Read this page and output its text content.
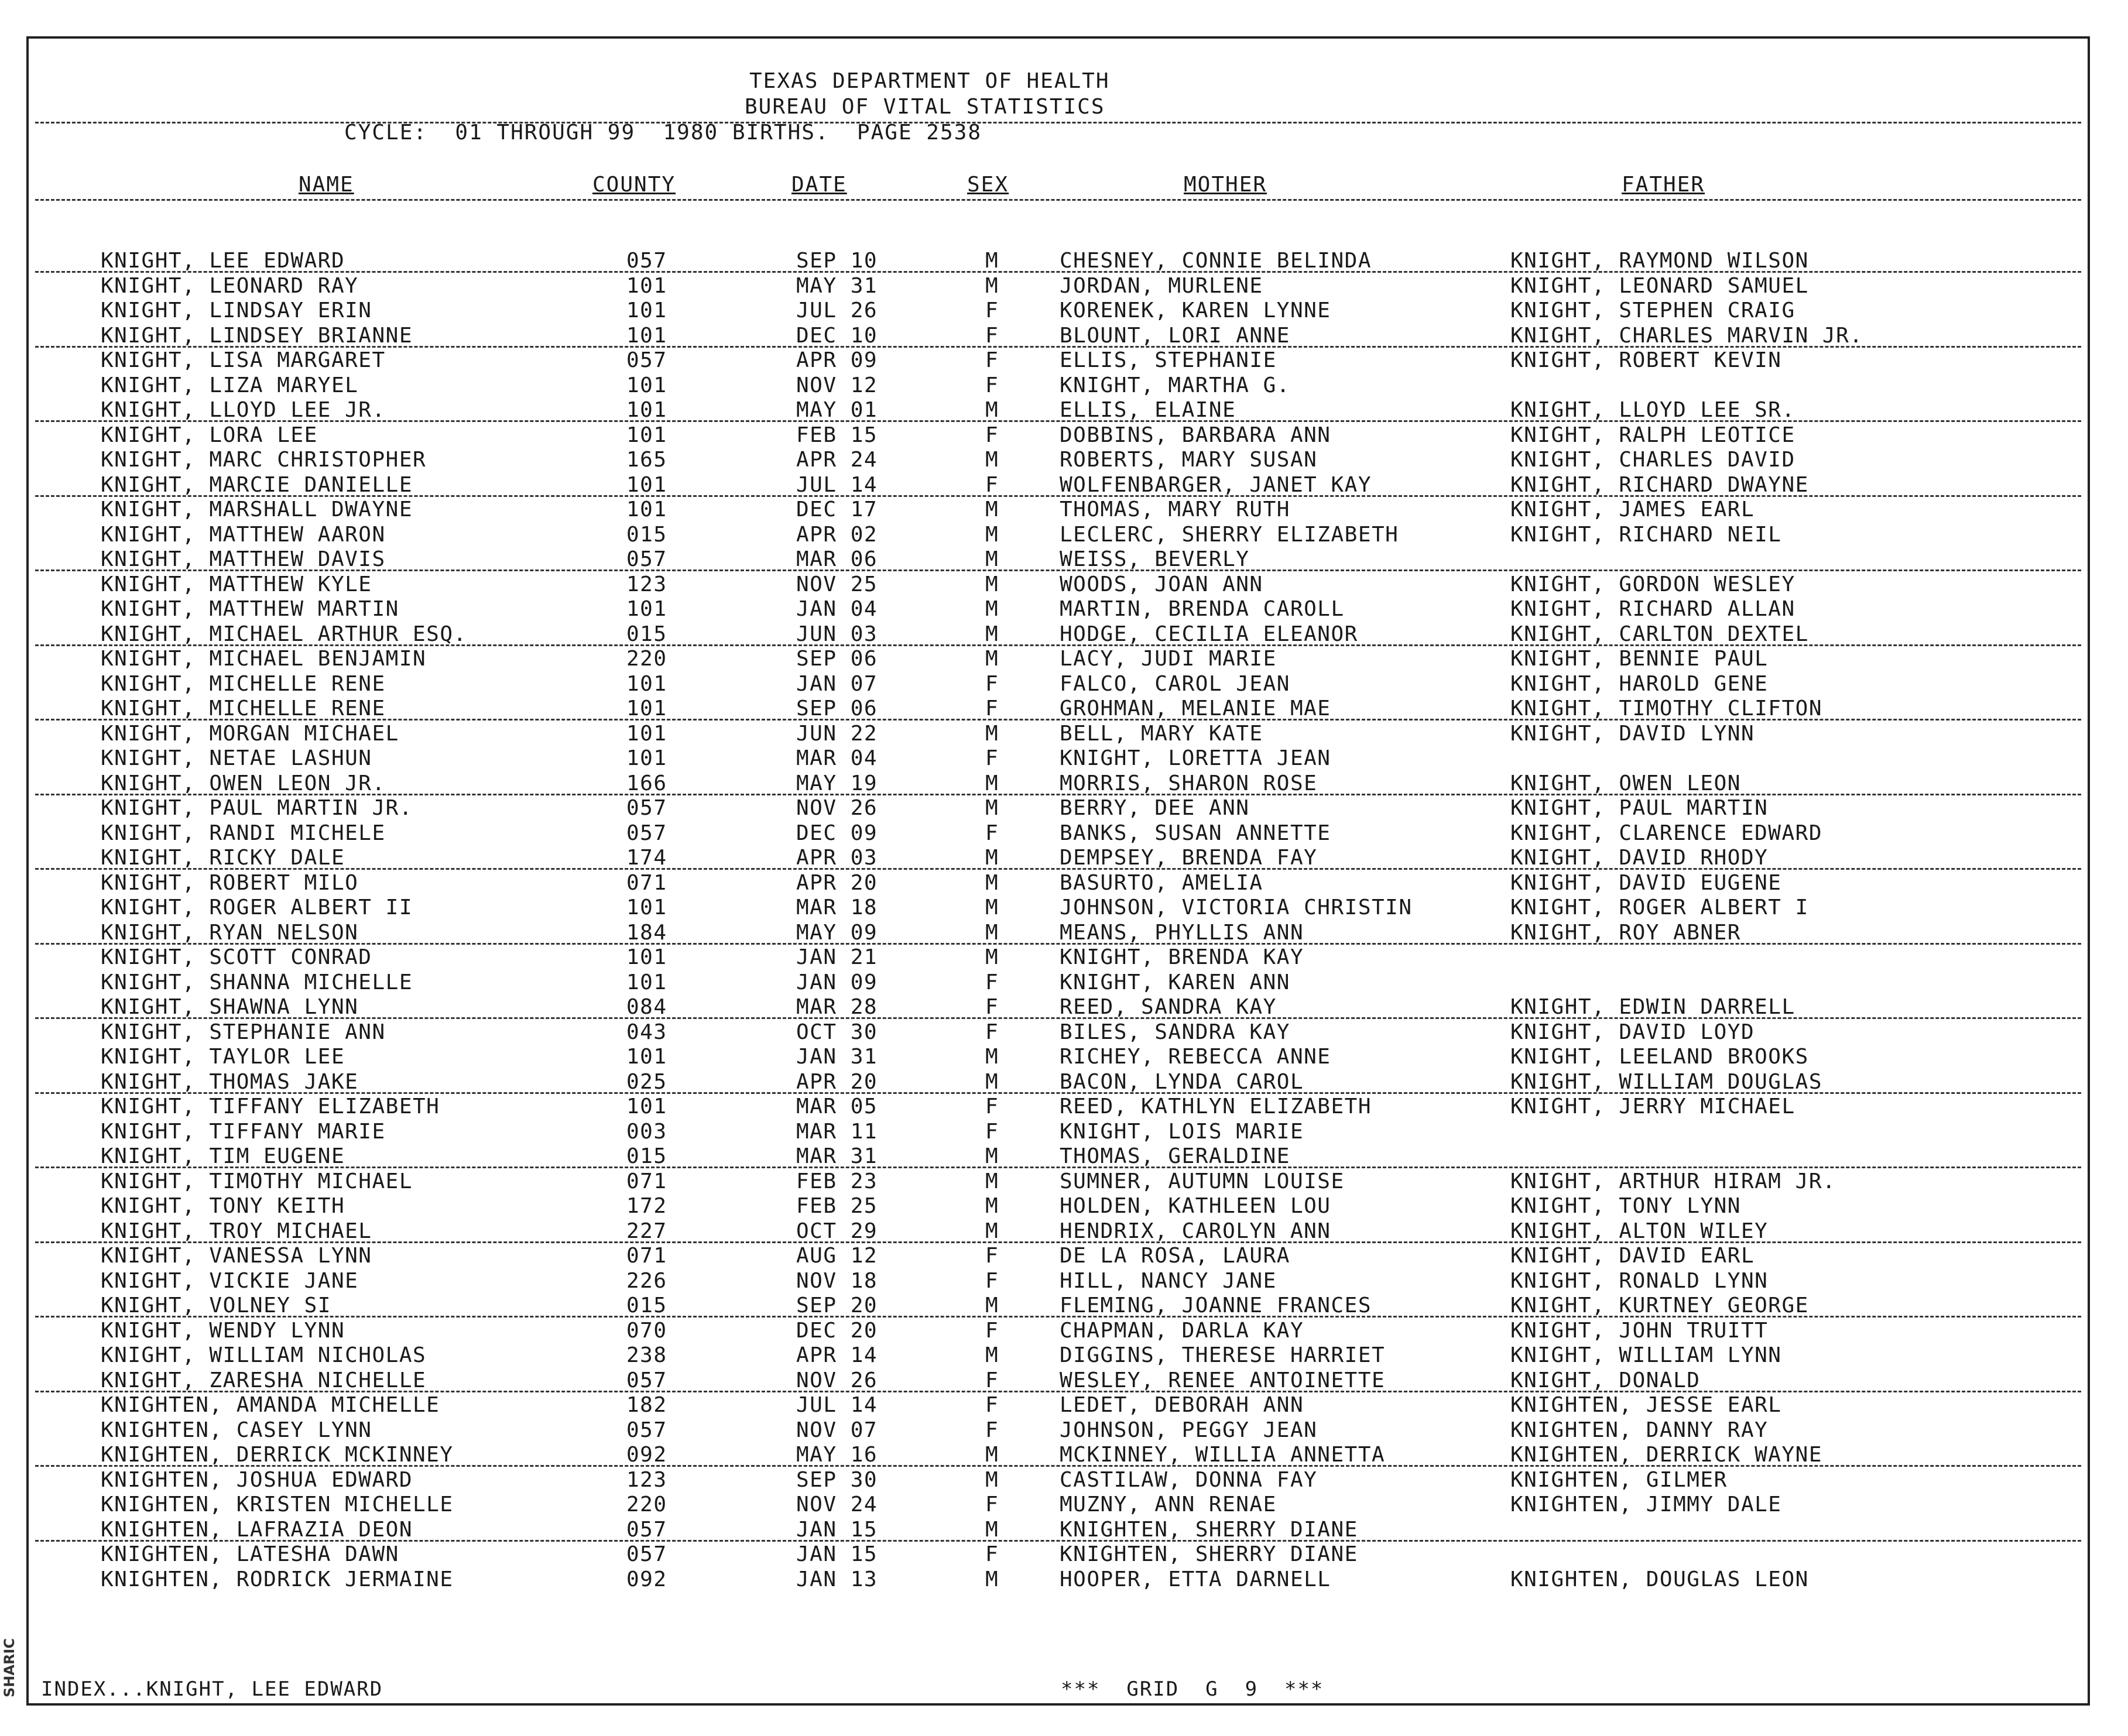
SHARIC
TEXAS DEPARTMENT OF HEALTH
BUREAU OF VITAL STATISTICS
CYCLE:  01 THROUGH 99  1980 BIRTHS.  PAGE 2538
NAME	COUNTY	DATE	SEX	MOTHER	FATHER
KNIGHT, LEE EDWARD	057	SEP 10	M	CHESNEY, CONNIE BELINDA	KNIGHT, RAYMOND WILSON
KNIGHT, LEONARD RAY	101	MAY 31	M	JORDAN, MURLENE	KNIGHT, LEONARD SAMUEL
KNIGHT, LINDSAY ERIN	101	JUL 26	F	KORENEK, KAREN LYNNE	KNIGHT, STEPHEN CRAIG
KNIGHT, LINDSEY BRIANNE	101	DEC 10	F	BLOUNT, LORI ANNE	KNIGHT, CHARLES MARVIN JR.
KNIGHT, LISA MARGARET	057	APR 09	F	ELLIS, STEPHANIE	KNIGHT, ROBERT KEVIN
KNIGHT, LIZA MARYEL	101	NOV 12	F	KNIGHT, MARTHA G.
KNIGHT, LLOYD LEE JR.	101	MAY 01	M	ELLIS, ELAINE	KNIGHT, LLOYD LEE SR.
KNIGHT, LORA LEE	101	FEB 15	F	DOBBINS, BARBARA ANN	KNIGHT, RALPH LEOTICE
KNIGHT, MARC CHRISTOPHER	165	APR 24	M	ROBERTS, MARY SUSAN	KNIGHT, CHARLES DAVID
KNIGHT, MARCIE DANIELLE	101	JUL 14	F	WOLFENBARGER, JANET KAY	KNIGHT, RICHARD DWAYNE
KNIGHT, MARSHALL DWAYNE	101	DEC 17	M	THOMAS, MARY RUTH	KNIGHT, JAMES EARL
KNIGHT, MATTHEW AARON	015	APR 02	M	LECLERC, SHERRY ELIZABETH	KNIGHT, RICHARD NEIL
KNIGHT, MATTHEW DAVIS	057	MAR 06	M	WEISS, BEVERLY
KNIGHT, MATTHEW KYLE	123	NOV 25	M	WOODS, JOAN ANN	KNIGHT, GORDON WESLEY
KNIGHT, MATTHEW MARTIN	101	JAN 04	M	MARTIN, BRENDA CAROLL	KNIGHT, RICHARD ALLAN
KNIGHT, MICHAEL ARTHUR ESQ.	015	JUN 03	M	HODGE, CECILIA ELEANOR	KNIGHT, CARLTON DEXTEL
KNIGHT, MICHAEL BENJAMIN	220	SEP 06	M	LACY, JUDI MARIE	KNIGHT, BENNIE PAUL
KNIGHT, MICHELLE RENE	101	JAN 07	F	FALCO, CAROL JEAN	KNIGHT, HAROLD GENE
KNIGHT, MICHELLE RENE	101	SEP 06	F	GROHMAN, MELANIE MAE	KNIGHT, TIMOTHY CLIFTON
KNIGHT, MORGAN MICHAEL	101	JUN 22	M	BELL, MARY KATE	KNIGHT, DAVID LYNN
KNIGHT, NETAE LASHUN	101	MAR 04	F	KNIGHT, LORETTA JEAN
KNIGHT, OWEN LEON JR.	166	MAY 19	M	MORRIS, SHARON ROSE	KNIGHT, OWEN LEON
KNIGHT, PAUL MARTIN JR.	057	NOV 26	M	BERRY, DEE ANN	KNIGHT, PAUL MARTIN
KNIGHT, RANDI MICHELE	057	DEC 09	F	BANKS, SUSAN ANNETTE	KNIGHT, CLARENCE EDWARD
KNIGHT, RICKY DALE	174	APR 03	M	DEMPSEY, BRENDA FAY	KNIGHT, DAVID RHODY
KNIGHT, ROBERT MILO	071	APR 20	M	BASURTO, AMELIA	KNIGHT, DAVID EUGENE
KNIGHT, ROGER ALBERT II	101	MAR 18	M	JOHNSON, VICTORIA CHRISTIN	KNIGHT, ROGER ALBERT I
KNIGHT, RYAN NELSON	184	MAY 09	M	MEANS, PHYLLIS ANN	KNIGHT, ROY ABNER
KNIGHT, SCOTT CONRAD	101	JAN 21	M	KNIGHT, BRENDA KAY
KNIGHT, SHANNA MICHELLE	101	JAN 09	F	KNIGHT, KAREN ANN
KNIGHT, SHAWNA LYNN	084	MAR 28	F	REED, SANDRA KAY	KNIGHT, EDWIN DARRELL
KNIGHT, STEPHANIE ANN	043	OCT 30	F	BILES, SANDRA KAY	KNIGHT, DAVID LOYD
KNIGHT, TAYLOR LEE	101	JAN 31	M	RICHEY, REBECCA ANNE	KNIGHT, LEELAND BROOKS
KNIGHT, THOMAS JAKE	025	APR 20	M	BACON, LYNDA CAROL	KNIGHT, WILLIAM DOUGLAS
KNIGHT, TIFFANY ELIZABETH	101	MAR 05	F	REED, KATHLYN ELIZABETH	KNIGHT, JERRY MICHAEL
KNIGHT, TIFFANY MARIE	003	MAR 11	F	KNIGHT, LOIS MARIE
KNIGHT, TIM EUGENE	015	MAR 31	M	THOMAS, GERALDINE
KNIGHT, TIMOTHY MICHAEL	071	FEB 23	M	SUMNER, AUTUMN LOUISE	KNIGHT, ARTHUR HIRAM JR.
KNIGHT, TONY KEITH	172	FEB 25	M	HOLDEN, KATHLEEN LOU	KNIGHT, TONY LYNN
KNIGHT, TROY MICHAEL	227	OCT 29	M	HENDRIX, CAROLYN ANN	KNIGHT, ALTON WILEY
KNIGHT, VANESSA LYNN	071	AUG 12	F	DE LA ROSA, LAURA	KNIGHT, DAVID EARL
KNIGHT, VICKIE JANE	226	NOV 18	F	HILL, NANCY JANE	KNIGHT, RONALD LYNN
KNIGHT, VOLNEY SI	015	SEP 20	M	FLEMING, JOANNE FRANCES	KNIGHT, KURTNEY GEORGE
KNIGHT, WENDY LYNN	070	DEC 20	F	CHAPMAN, DARLA KAY	KNIGHT, JOHN TRUITT
KNIGHT, WILLIAM NICHOLAS	238	APR 14	M	DIGGINS, THERESE HARRIET	KNIGHT, WILLIAM LYNN
KNIGHT, ZARESHA NICHELLE	057	NOV 26	F	WESLEY, RENEE ANTOINETTE	KNIGHT, DONALD
KNIGHTEN, AMANDA MICHELLE	182	JUL 14	F	LEDET, DEBORAH ANN	KNIGHTEN, JESSE EARL
KNIGHTEN, CASEY LYNN	057	NOV 07	F	JOHNSON, PEGGY JEAN	KNIGHTEN, DANNY RAY
KNIGHTEN, DERRICK MCKINNEY	092	MAY 16	M	MCKINNEY, WILLIA ANNETTA	KNIGHTEN, DERRICK WAYNE
KNIGHTEN, JOSHUA EDWARD	123	SEP 30	M	CASTILAW, DONNA FAY	KNIGHTEN, GILMER
KNIGHTEN, KRISTEN MICHELLE	220	NOV 24	F	MUZNY, ANN RENAE	KNIGHTEN, JIMMY DALE
KNIGHTEN, LAFRAZIA DEON	057	JAN 15	M	KNIGHTEN, SHERRY DIANE
KNIGHTEN, LATESHA DAWN	057	JAN 15	F	KNIGHTEN, SHERRY DIANE
KNIGHTEN, RODRICK JERMAINE	092	JAN 13	M	HOOPER, ETTA DARNELL	KNIGHTEN, DOUGLAS LEON
INDEX...KNIGHT, LEE EDWARD	***  GRID  G  9  ***
